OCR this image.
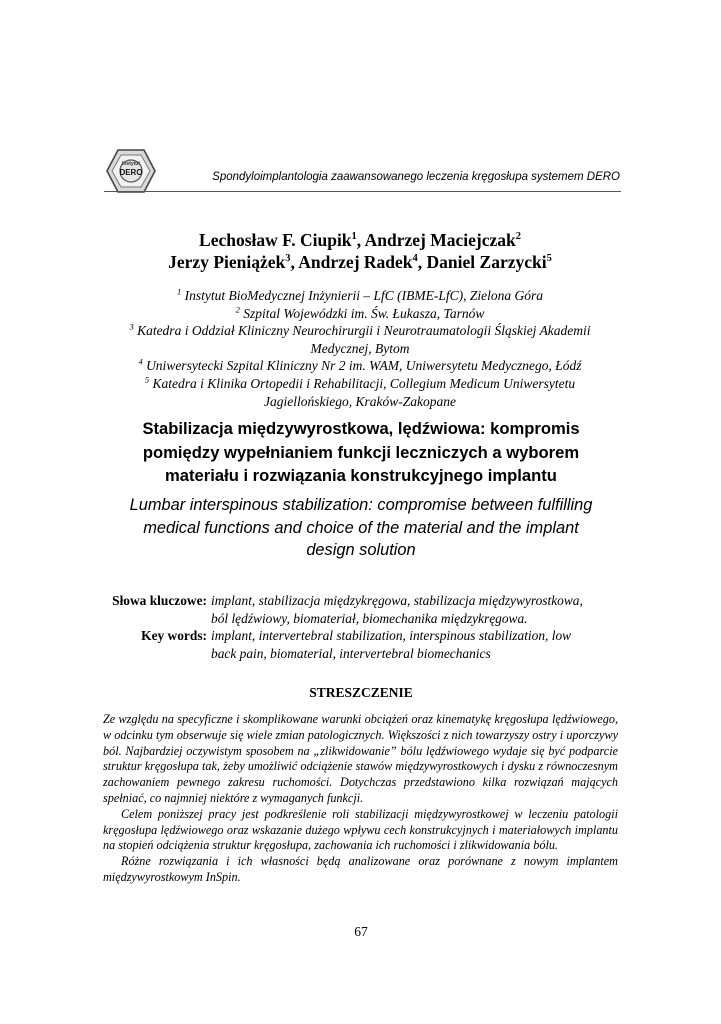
Instytut
DERO	Spondyloimplantologia zaawansowanego leczenia kręgosłupa systemem DERO
Lechosław F. Ciupik$^1$, Andrzej Maciejczak$^2$
Jerzy Pieniążek$^3$, Andrzej Radek$^4$, Daniel Zarzycki$^5$
$^1$ Instytut BioMedycznej Inżynierii – LfC (IBME-LfC), Zielona Góra
$^2$ Szpital Wojewódzki im. Św. Łukasza, Tarnów
$^3$ Katedra i Oddział Kliniczny Neurochirurgii i Neurotraumatologii Śląskiej Akademii
Medycznej, Bytom
$^4$ Uniwersytecki Szpital Kliniczny Nr 2 im. WAM, Uniwersytetu Medycznego, Łódź
$^5$ Katedra i Klinika Ortopedii i Rehabilitacji, Collegium Medicum Uniwersytetu
Jagiellońskiego, Kraków-Zakopane
Stabilizacja międzywyrostkowa, lędźwiowa: kompromis
pomiędzy wypełnianiem funkcji leczniczych a wyborem
materiału i rozwiązania konstrukcyjnego implantu
Lumbar interspinous stabilization: compromise between fulfilling
medical functions and choice of the material and the implant
design solution
Słowa kluczowe: implant, stabilizacja międzykręgowa, stabilizacja międzywyrostkowa,
ból lędźwiowy, biomateriał, biomechanika międzykręgowa.
Key words: implant, intervertebral stabilization, interspinous stabilization, low
back pain, biomaterial, intervertebral biomechanics
STRESZCZENIE

Ze względu na specyficzne i skomplikowane warunki obciążeń oraz kinematykę kręgosłupa lędźwiowego, w odcinku tym obserwuje się wiele zmian patologicznych. Większości z nich towarzyszy ostry i uporczywy ból. Najbardziej oczywistym sposobem na „zlikwidowanie” bólu lędźwiowego wydaje się być podparcie struktur kręgosłupa tak, żeby umożliwić odciążenie stawów międzywyrostkowych i dysku z równoczesnym zachowaniem pewnego zakresu ruchomości. Dotychczas przedstawiono kilka rozwiązań mających spełniać, co najmniej niektóre z wymaganych funkcji.

Celem poniższej pracy jest podkreślenie roli stabilizacji międzywyrostkowej w leczeniu patologii kręgosłupa lędźwiowego oraz wskazanie dużego wpływu cech konstrukcyjnych i materiałowych implantu na stopień odciążenia struktur kręgosłupa, zachowania ich ruchomości i zlikwidowania bólu.

Różne rozwiązania i ich własności będą analizowane oraz porównane z nowym implantem międzywyrostkowym InSpin.

67
